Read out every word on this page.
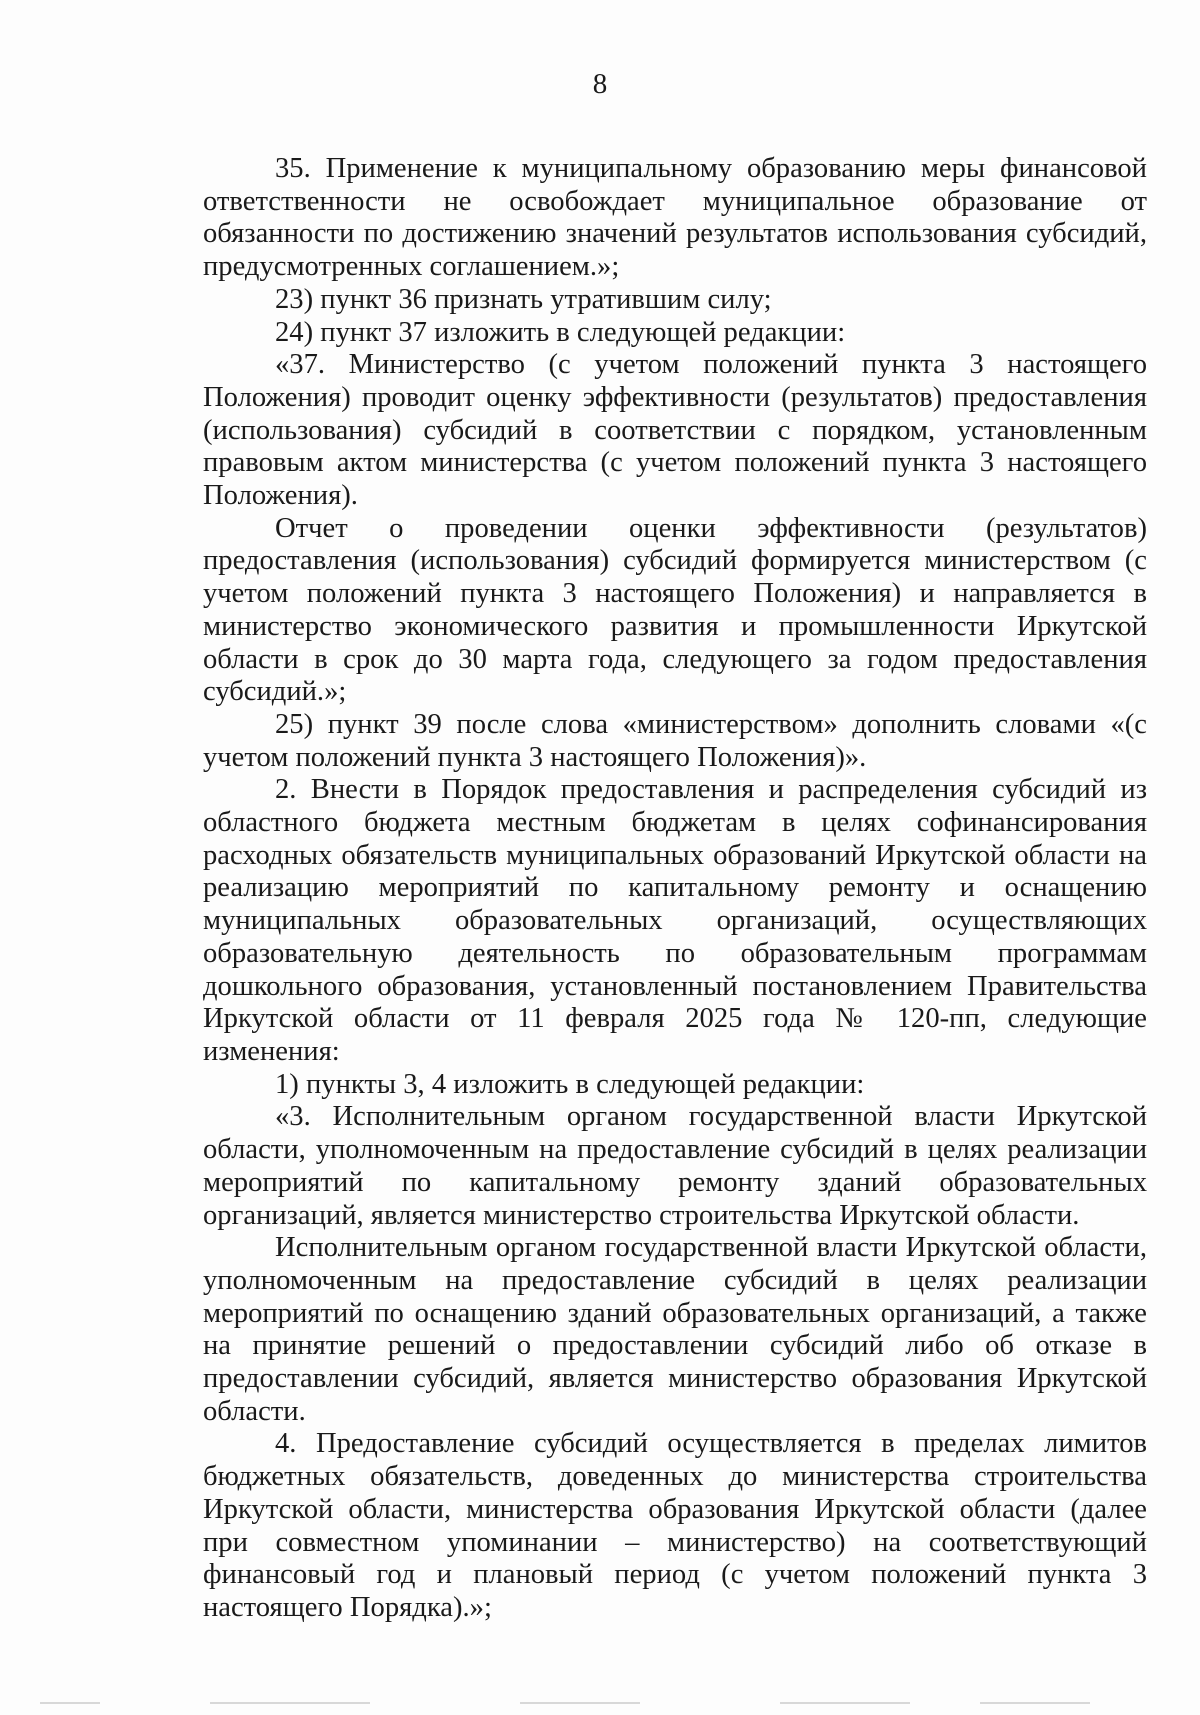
8

35. Применение к муниципальному образованию меры финансовой ответственности не освобождает муниципальное образование от обязанности по достижению значений результатов использования субсидий, предусмотренных соглашением.»;

23) пункт 36 признать утратившим силу;

24) пункт 37 изложить в следующей редакции:

«37. Министерство (с учетом положений пункта 3 настоящего Положения) проводит оценку эффективности (результатов) предоставления (использования) субсидий в соответствии с порядком, установленным правовым актом министерства (с учетом положений пункта 3 настоящего Положения).

Отчет о проведении оценки эффективности (результатов) предоставления (использования) субсидий формируется министерством (с учетом положений пункта 3 настоящего Положения) и направляется в министерство экономического развития и промышленности Иркутской области в срок до 30 марта года, следующего за годом предоставления субсидий.»;

25) пункт 39 после слова «министерством» дополнить словами «(с учетом положений пункта 3 настоящего Положения)».

2. Внести в Порядок предоставления и распределения субсидий из областного бюджета местным бюджетам в целях софинансирования расходных обязательств муниципальных образований Иркутской области на реализацию мероприятий по капитальному ремонту и оснащению муниципальных образовательных организаций, осуществляющих образовательную деятельность по образовательным программам дошкольного образования, установленный постановлением Правительства Иркутской области от 11 февраля 2025 года № 120-пп, следующие изменения:

1) пункты 3, 4 изложить в следующей редакции:

«3. Исполнительным органом государственной власти Иркутской области, уполномоченным на предоставление субсидий в целях реализации мероприятий по капитальному ремонту зданий образовательных организаций, является министерство строительства Иркутской области.

Исполнительным органом государственной власти Иркутской области, уполномоченным на предоставление субсидий в целях реализации мероприятий по оснащению зданий образовательных организаций, а также на принятие решений о предоставлении субсидий либо об отказе в предоставлении субсидий, является министерство образования Иркутской области.

4. Предоставление субсидий осуществляется в пределах лимитов бюджетных обязательств, доведенных до министерства строительства Иркутской области, министерства образования Иркутской области (далее при совместном упоминании – министерство) на соответствующий финансовый год и плановый период (с учетом положений пункта 3 настоящего Порядка).»;
